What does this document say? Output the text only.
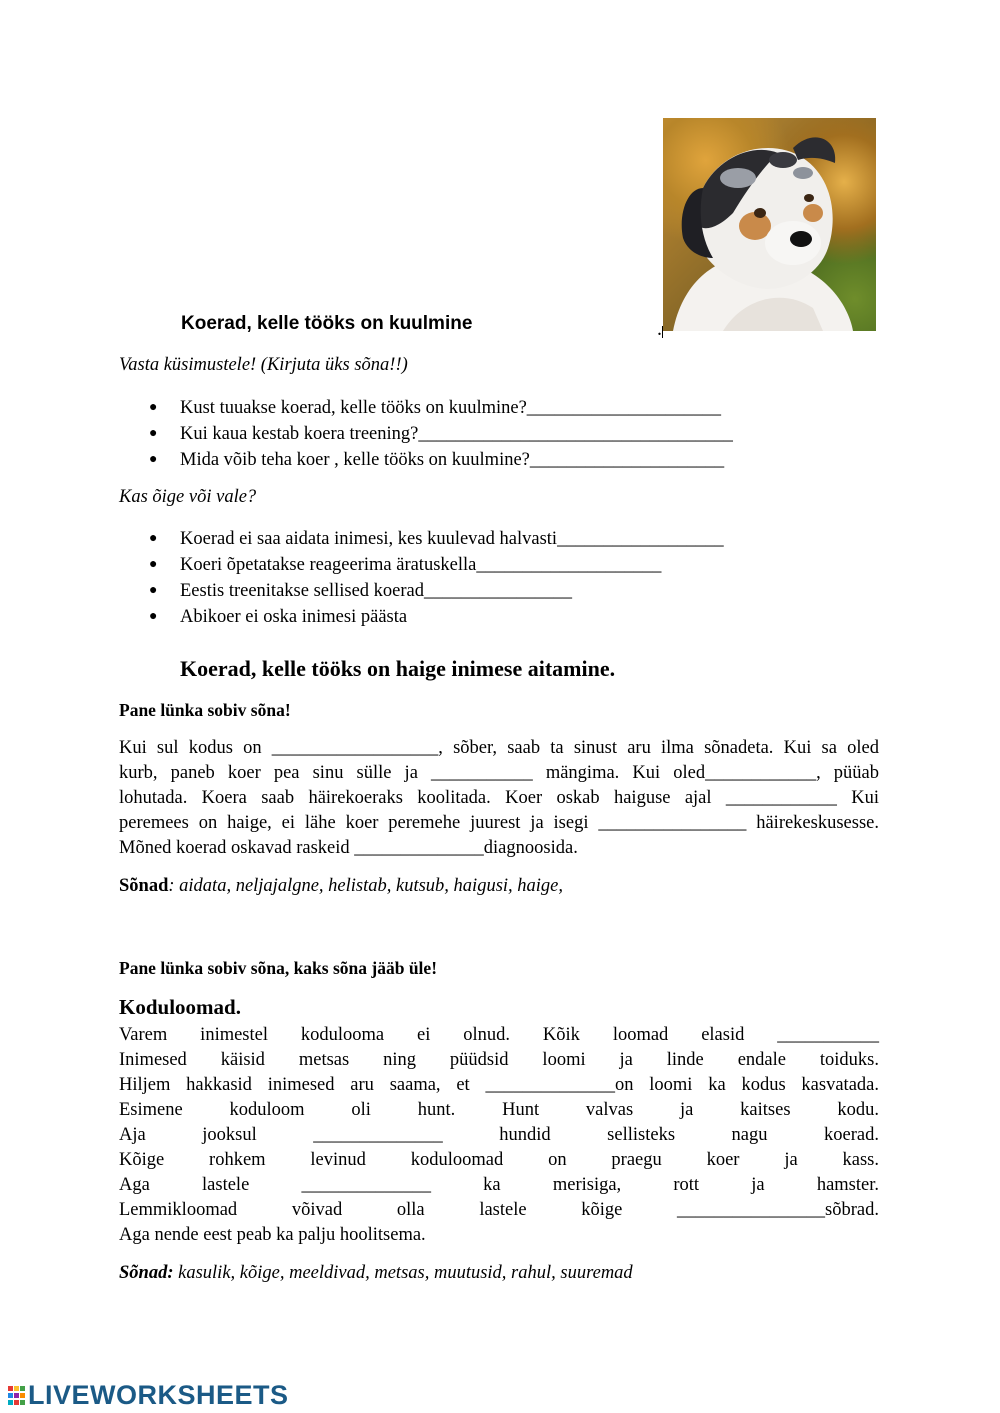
Koerad, kelle tööks on kuulmine	.
Vasta küsimustele! (Kirjuta üks sõna!!)
● Kust tuuakse koerad, kelle tööks on kuulmine?_____________________
● Kui kaua kestab koera treening?__________________________________
● Mida võib teha koer , kelle tööks on kuulmine?_____________________
Kas õige või vale?
● Koerad ei saa aidata inimesi, kes kuulevad halvasti__________________
● Koeri õpetatakse reageerima äratuskella____________________
● Eestis treenitakse sellised koerad________________
● Abikoer ei oska inimesi päästa
Koerad, kelle tööks on haige inimese aitamine.
Pane lünka sobiv sõna!
Kui sul kodus on __________________, sõber, saab ta sinust aru ilma sõnadeta. Kui sa oled
kurb, paneb koer pea sinu sülle ja ___________ mängima. Kui oled____________, püüab
lohutada. Koera saab häirekoeraks koolitada. Koer oskab haiguse ajal ____________ Kui
peremees on haige, ei lähe koer peremehe juurest ja isegi ________________ häirekeskusesse.
Mõned koerad oskavad raskeid ______________diagnoosida.
Sõnad: aidata, neljajalgne, helistab, kutsub, haigusi, haige,
Pane lünka sobiv sõna, kaks sõna jääb üle!
Koduloomad.
Varem inimestel kodulooma ei olnud. Kõik loomad elasid ___________
Inimesed käisid metsas ning püüdsid loomi ja linde endale toiduks.
Hiljem hakkasid inimesed aru saama, et ______________on loomi ka kodus kasvatada.
Esimene koduloom oli hunt. Hunt valvas ja kaitses kodu.
Aja jooksul ______________ hundid sellisteks nagu koerad.
Kõige rohkem levinud koduloomad on praegu koer ja kass.
Aga lastele ______________ ka merisiga, rott ja hamster.
Lemmikloomad võivad olla lastele kõige ________________sõbrad.
Aga nende eest peab ka palju hoolitsema.
Sõnad: kasulik, kõige, meeldivad, metsas, muutusid, rahul, suuremad
LIVEWORKSHEETS
